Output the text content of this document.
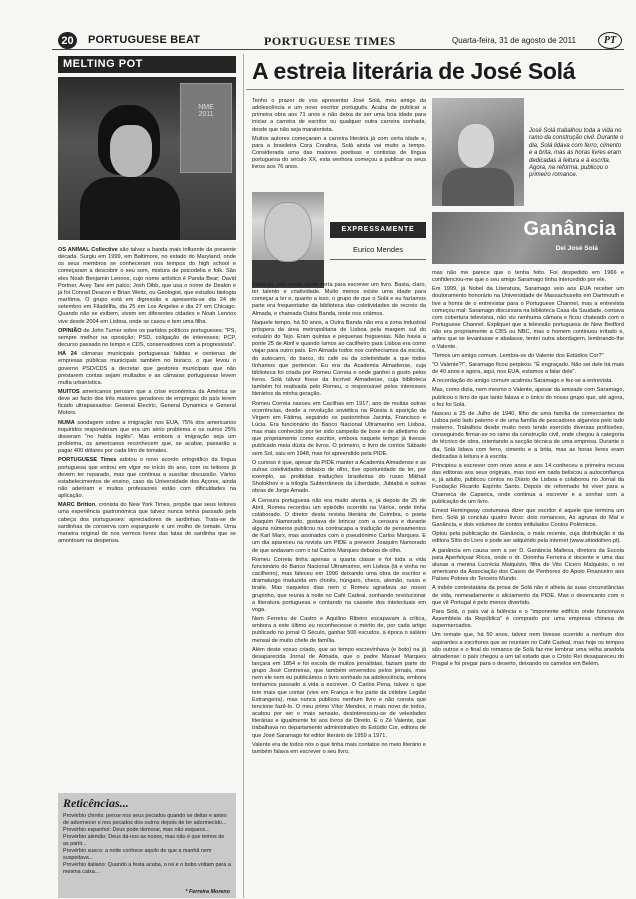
20	PORTUGUESE BEAT	PORTUGUESE TIMES	Quarta-feira, 31 de agosto de 2011	PT
MELTING POT
NME
2011

OS ANIMAL Collective são talvez a banda mais influente da presente década. Surgiu em 1999, em Baltimore, no estado do Maryland, onde os seus membros se conheceram nos tempos do high school e começaram a descobrir o seu som, mistura de psicodelia e folk. São eles Noah Benjamin Lennox, cujo nome artístico é Panda Bear; David Portner, Avey Tare em palco; Josh Dibb, que usa o nome de Deakin e já foi Conrad Deacon e Brian Weitz, ou Geologist, que estudou biologia marítima. O grupo está em digressão e apresenta-se dia 24 de setembro em Filadélfia, dia 25 em Los Angeles e dia 27 em Chicago. Quando não se exibem, vivem em diferentes cidades e Noah Lennox vive desde 2004 em Lisboa, onde se casou e tem uma filha.

OPINIÃO de John Turner sobre os partidos políticos portugueses: "PS, sempre melhor na oposição; PSD, coligação de interesses; PCP, decurso passado no tempo e CDS, conservadores com a progressista".

HÁ 24 câmaras municipais portuguesas falidas e centenas de empresas públicas municipais também no buraco, o que levou o governo PSD/CDS a decretar que gestores municipais que não prestarem contas sejam multados e as câmaras portuguesas levem multa urbanística.

MUITOS americanos pensam que a crise económica da América se deve ao facto dos três maiores geradores de empregos do país terem ficado ultrapassados: General Electric, General Dynamics e General Motors.

NUMA sondagem sobre a imigração nos EUA, 75% dos americanos inquiridos responderam que era um sério problema e os outros 25% disseram "no habla inglês". Mas embora a imigração seja um problema, os americanos reconhecem que, se acabar, passarão a pagar 400 dólares por cada litro de tomates.

PORTUGUESE Times adotou o novo acordo ortográfico da língua portuguesa que entrou em vigor no início do ano, com os leitores já devem ter reparado, mas que continua a suscitar discussão. Vários estabelecimentos de ensino, caso da Universidade dos Açores, ainda não aderiram e muitos professores estão com dificuldades na aplicação.

MARC Britton, cronista do New York Times, propõe que seus leitores uma experiência gastronómica que talvez nunca tenha passado pela cabeça dos portugueses: apreciadores de sardinhas. Trata-se de sardinhas de conserva com esparguete e um molho de tomate. Uma maneira original de nos vermos livres das latas de sardinha que se amontoam na despensa.

Reticências...
Provérbio chinês: pense nos seus pecados quando se deitar e antes de adormecer e nos pecados dos outros depois de ter adormecido...
Provérbio espanhol: Deus pode demorar, mas não esquece...
Provérbio alemão: Deus dá-nos as nozes, mas não é que temos de as partir...
Provérbio sueco: a noite conhece aquilo de que a manhã nem suspeitava...
Provérbio italiano: Quando a festa acaba, o rei e o bobo voltam para a mesma caixa...
* Ferreira Moreno
A estreia literária de José Solá

Tenho o prazer de vos apresentar José Solá, meu amigo da adolescência e um novo escritor português. Acaba de publicar a primeira obra aos 71 anos e não deixa de ser uma boa idade para iniciar a carreira de escritor ou qualquer outra carreira sonhada, desde que não seja maratonista.

Muitos autores começaram a carreira literária já com certa idade e, para a brasileira Cora Coralina, Solá ainda vai muito a tempo. Considerada uma das maiores poetisas e contistas de língua portuguesa do século XX, esta senhora começou a publicar os seus livros aos 76 anos.

EXPRESSAMENTE
Eurico Mendes
José Solá trabalhou toda a vida no ramo da construção civil. Durante o dia, Solá lidava com ferro, cimento e a brita, mas as horas livres eram dedicadas à leitura e à escrita. Agora, na reforma, publicou o primeiro romance.
Ganância
Dei José Solá

Portanto, não existe idade certa para escrever um livro. Basta, claro, ter talento e criatividade. Muito menos existe uma idade para começar a ler e, quanto a isso, o grupo de que o Solá e eu fazíamos parte era frequentador da biblioteca das coletividades de recreio da Almada, e chamada Outra Banda, onde nos criámos.

Naquele tempo, há 50 anos, a Outra Banda não era a zona industrial próspera da área metropolitana de Lisboa pela margem sul do estuário do Tejo. Eram quintas e pequenas freguesias. Não havia a ponte 25 de Abril e quando íamos ao cacilheiro para Lisboa era como viajar para outro país. Em Almada todos nos conhecíamos da escola, do autocarro, do barco, do café ou da coletividade a que todos tínhamos que pertencer. Eu era da Academia Almadense, cuja biblioteca foi criada por Romeu Correia e onde ganhei o gosto pelos livros. Solá talvez fosse da Incrível Almadense, cuja biblioteca também foi reativada pelo Romeu, o responsável pelos interesses literários da minha geração.

Romeu Correia nasceu em Cacilhas em 1917, ano de muitas outras ocorrências, desde a revolução soviética na Rússia à aparição da Virgem em Fátima, seguindo os pastorinhos Jacinta, Francisco e Lúcia. Era funcionário do Banco Nacional Ultramarino em Lisboa, mas mais conhecido por ter sido campeão de boxe e de atletismo do que propriamente como escritor, embora naquele tempo já tivesse publicado meia dúzia de livros. O primeiro, o livro de contos Sábado sem Sol, saiu em 1948, mas foi apreendido pela PIDE.

O curioso é que, apesar da PIDE manter a Academia Almadense e as outras coletividades debaixo de olho, tive oportunidade de ler, por exemplo, as proibidas traduções brasileiras do russo Mikhail Sholokhov e a trilogia Subterrâneos da Liberdade, Jubiabá e outras obras de Jorge Amado.

A Censura portuguesa não era muito atenta e, já depois de 25 de Abril, Romeu recordou um episódio ocorrido na Várice, onde tinha colaborado. O diretor desta revista literária de Coimbra, o poeta Joaquim Namorado, gostava de brincar com a censura e durante alguns números publicou na contracapa a tradução de pensamentos de Karl Marx, mas assinados com o pseudónimo Carlos Marques. E um dia apareceu na revista um PIDE a prevenir Joaquim Namorado de que andavam com o tal Carlos Marques debaixo de olho.

Romeu Correia tinha apenas a quarta classe e foi toda a vida funcionário do Banco Nacional Ultramarino, em Lisboa (lá e vinha no cacilheiro), mas faleceu em 1996 deixando uma obra de escritor e dramaturgo traduzida em chinês, húngaro, checo, alemão, russo e braile. Mas naqueles dias nem o Romeu agradava ao nosso grupinho, que reunia à noite no Café Cadeal, sonhando revolucionar a literatura portuguesa e contando na cassete dos intelectuais em voga.

Nem Ferreira de Castro e Aquilino Ribeiro escapavam à crítica, embora a este último eu reconhecesse o mérito de, por cada artigo publicado no jornal O Século, ganhar 500 escudos, à época o salário mensal de muito chefe de família.

Além deste vosso criado, que ao tempo escrevinhava (e boto) na já desaparecida Jornal de Almada, que o padre Manuel Marques lançara em 1854 e foi escola de muitos jornalistas, faziam parte do grupo José Contreiras, que também enveredou pelos jornais, mas nem ele nem eu publicámos o livro sonhado na adolescência, embora tenhamos passado a vida a escrever. O Carlos Pena, talvez o que tem mais que contar (vive em França e fez parte da célebre Legião Estrangeira), mas nunca publicou nenhum livro e não consta que tencione fazê-lo. O meu primo Vítor Mendes, o mais novo de todos, acabou por ser o mais sensato, desinteressou-se de veleidades literárias e igualmente foi aos livros de Direito. E o Zé Valente, que trabalhava no departamento administrativo do Estúdio Cor, editora de que José Saramago foi editor literário de 1959 a 1971.

Valente era de todos nós o que tinha mais contatos no meio literário e também falava em escrever o seu livro,

mas não me parece que o tenha feito. Foi despedido em 1966 e confidenciou-me que o seu amigo Saramago tinha intercedido por ele.

Em 1999, já Nobel da Literatura, Saramago veio aos EUA receber um doutoramento honorário na Universidade de Massachusetts em Dartmouth e tive a honra de o entrevistar para o Portuguese Channel, mas a entrevista começou mal: Saramago discursara na biblioteca Casa da Saudade, contava com cobertura televisiva, não viu nenhuma câmara e ficou chateado com o Portuguese Channel. Expliquei que a televisão portuguesa de New Bedford não era propriamente a CBS ou NBC, mas o homem continuou irritado e, antes que se levantasse e abalasse, tentei outra abordagem, lembrando-lhe o Valente.

"Temos um amigo comum. Lembra-se do Valente dos Estúdios Cor?"

"O Valente?!", Saramago ficou perplexo. "É engraçado. Não sei dele há mais de 40 anos e agora, aqui, nos EUA, estamos a falar dele".

A recordação do amigo comum acalmou Saramago e fez-se a entrevista.

Mas, como dizia, nem mesmo o Valente, apesar da amizade com Saramago, publicou o livro de que tanto falava e o único do nosso grupo que, até agora, o fez foi Solá.

Nasceu a 25 de Julho de 1940, filho de uma família de comerciantes de Lisboa pelo lado paterno e de uma família de pescadores algarvios pelo lado materno. Trabalhou desde muito novo tendo exercido diversas profissões, conseguindo firmar-se no ramo da construção civil, onde chegou à categoria de técnico de obra, orientando a secção técnica de uma empresa. Durante o dia, Solá lidava com ferro, cimento e a brita, mas as horas livres eram dedicadas à leitura e à escrita.

Principiou a escrever com onze anos e aos 14 conheceu a primeira recusa das editoras aos seus originais, mas isso em nada beliscou a autoconfiança e, já adulto, publicou contos no Diário de Lisboa e colaborou no Jornal da Fundação Ricardo Espírito Santo. Depois de reformado foi viver para a Charneca de Caparica, onde continua a escrever e a sonhar com a publicação de um livro.

Ernest Hemingway costumava dizer que escritor é aquele que termina um livro. Solá já concluiu quatro livros: dois romances, As agruras do Mal e Ganância, e dois volumes de contos intitulados Contos Polémicos.

Optou pela publicação de Ganância, o mais recente, cuja distribuição é da editora Sítio do Livro e pode ser adquirido pela internet (www.sitiodolivro.pt).

A ganância em causa vem a ser D. Ganância Maltesa, diretora da Escola para Aperfeiçoar Ricos, onde o dr. Doninha Ferreira é docente e uma das alunas a menina Lucrécia Malquisto, filha de Vito Cícero Malquisto, o rei americano da Associação dos Casos de Penhores do Apoio Financeiro aos Países Pobres do Terceiro Mundo.

A índole contestatária da prosa de Solá não é alheia às suas circunstâncias de vida, nomeadamente o aliciamento da PIDE. Mas o desencanto com o que vê Portugal é pelo menos divertido.

Para Solá, o país vai à falência e o "imponente edifício onde funcionava Assembleia da República" é comprado por uma empresa chinesa de supermercados.

Um remate que, há 50 anos, talvez nem tivesse ocorrido a nenhum dos aspirantes a escritores que se reuniam no Café Cadeal, mas hoje os tempos são outros e o final do romance de Solá faz-me lembrar uma velha anedota almadense: o país chegou a um tal estado que o Cristo Rei desapareceu do Pragal e foi pregar para o deserto, deixando os camelos em Belém.
